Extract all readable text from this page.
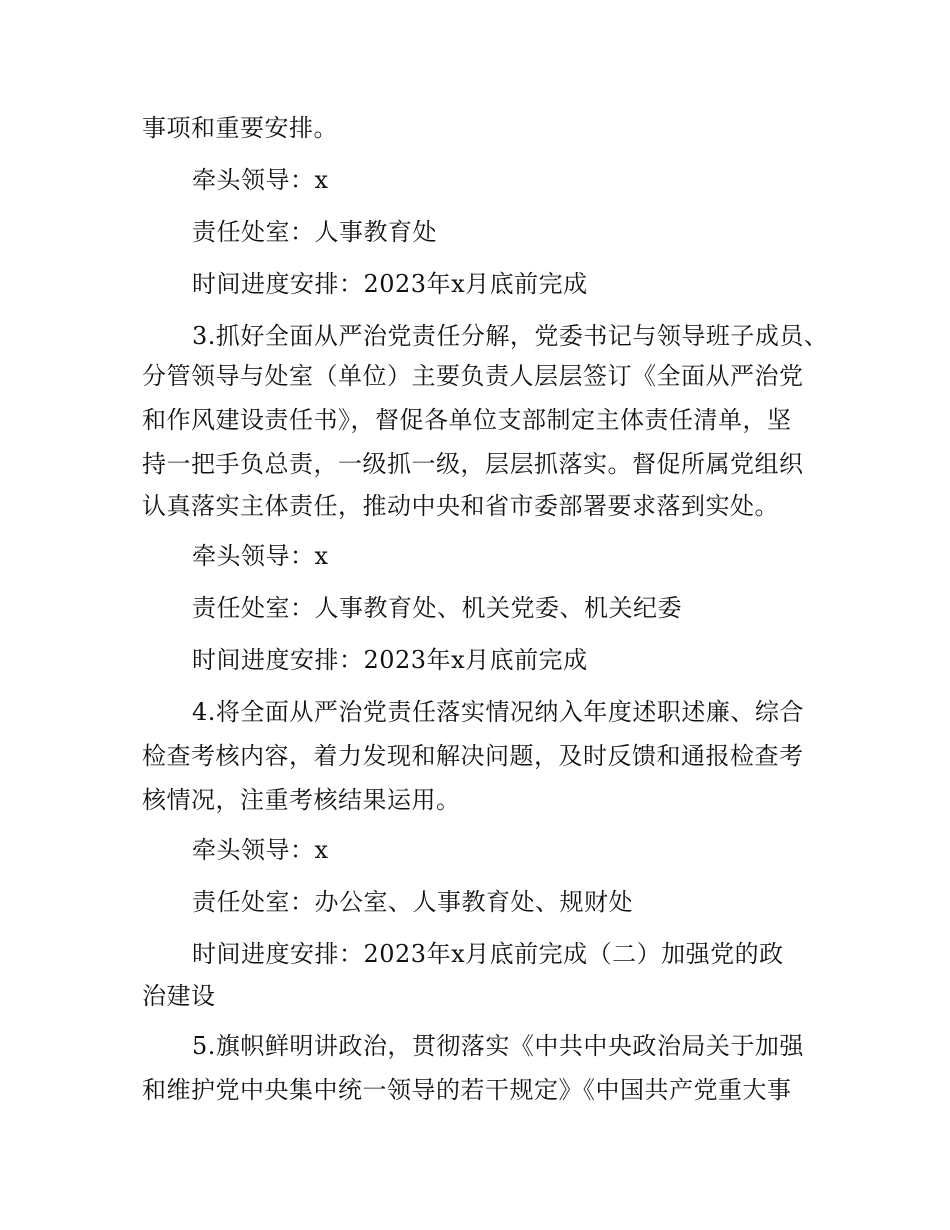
事项和重要安排。
牵头领导：x
责任处室：人事教育处
时间进度安排：2023年x月底前完成
3.抓好全面从严治党责任分解，党委书记与领导班子成员、
分管领导与处室（单位）主要负责人层层签订《全面从严治党
和作风建设责任书》，督促各单位支部制定主体责任清单，坚
持一把手负总责，一级抓一级，层层抓落实。督促所属党组织
认真落实主体责任，推动中央和省市委部署要求落到实处。
牵头领导：x
责任处室：人事教育处、机关党委、机关纪委
时间进度安排：2023年x月底前完成
4.将全面从严治党责任落实情况纳入年度述职述廉、综合
检查考核内容，着力发现和解决问题，及时反馈和通报检查考
核情况，注重考核结果运用。
牵头领导：x
责任处室：办公室、人事教育处、规财处
时间进度安排：2023年x月底前完成（二）加强党的政
治建设
5.旗帜鲜明讲政治，贯彻落实《中共中央政治局关于加强
和维护党中央集中统一领导的若干规定》《中国共产党重大事
